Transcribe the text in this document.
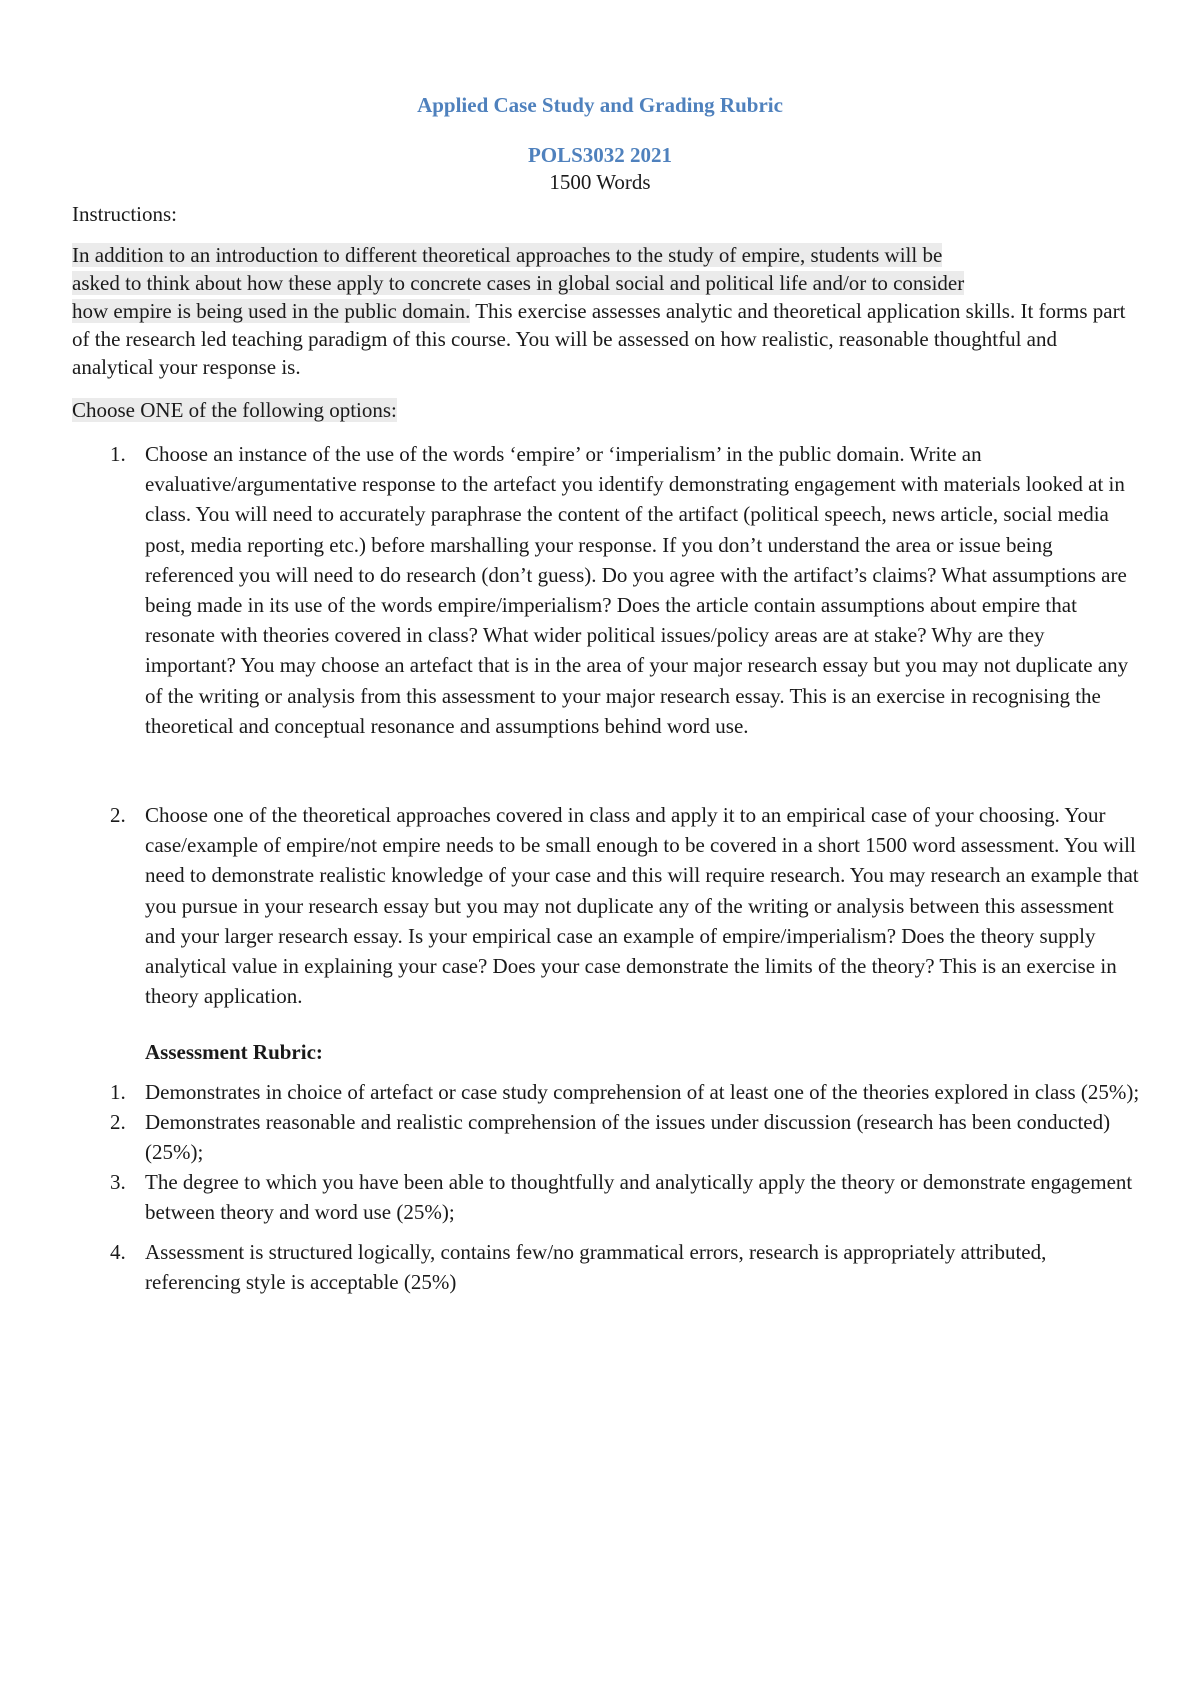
Applied Case Study and Grading Rubric
POLS3032 2021
1500 Words
Instructions:
In addition to an introduction to different theoretical approaches to the study of empire, students will be
asked to think about how these apply to concrete cases in global social and political life and/or to consider
how empire is being used in the public domain. This exercise assesses analytic and theoretical application skills. It forms part of the research led teaching paradigm of this course. You will be assessed on how realistic, reasonable thoughtful and analytical your response is.
Choose ONE of the following options:
1. Choose an instance of the use of the words ‘empire’ or ‘imperialism’ in the public domain. Write an evaluative/argumentative response to the artefact you identify demonstrating engagement with materials looked at in class. You will need to accurately paraphrase the content of the artifact (political speech, news article, social media post, media reporting etc.) before marshalling your response. If you don’t understand the area or issue being referenced you will need to do research (don’t guess). Do you agree with the artifact’s claims? What assumptions are being made in its use of the words empire/imperialism? Does the article contain assumptions about empire that resonate with theories covered in class? What wider political issues/policy areas are at stake? Why are they important? You may choose an artefact that is in the area of your major research essay but you may not duplicate any of the writing or analysis from this assessment to your major research essay. This is an exercise in recognising the theoretical and conceptual resonance and assumptions behind word use.
2. Choose one of the theoretical approaches covered in class and apply it to an empirical case of your choosing. Your case/example of empire/not empire needs to be small enough to be covered in a short 1500 word assessment. You will need to demonstrate realistic knowledge of your case and this will require research. You may research an example that you pursue in your research essay but you may not duplicate any of the writing or analysis between this assessment and your larger research essay. Is your empirical case an example of empire/imperialism? Does the theory supply analytical value in explaining your case? Does your case demonstrate the limits of the theory? This is an exercise in theory application.
Assessment Rubric:
1. Demonstrates in choice of artefact or case study comprehension of at least one of the theories explored in class (25%);
2. Demonstrates reasonable and realistic comprehension of the issues under discussion (research has been conducted) (25%);
3. The degree to which you have been able to thoughtfully and analytically apply the theory or demonstrate engagement between theory and word use (25%);
4. Assessment is structured logically, contains few/no grammatical errors, research is appropriately attributed, referencing style is acceptable (25%)
